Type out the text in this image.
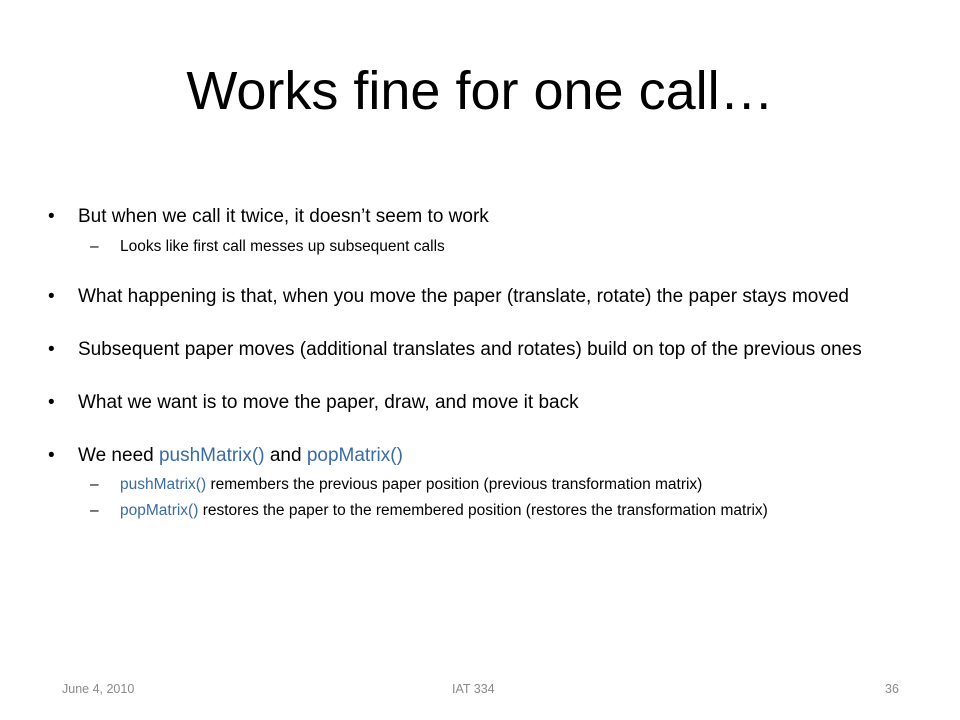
Works fine for one call…
•	But when we call it twice, it doesn’t seem to work
– Looks like first call messes up subsequent calls
•	What happening is that, when you move the paper (translate, rotate) the paper stays moved
•	Subsequent paper moves (additional translates and rotates) build on top of the previous ones
•	What we want is to move the paper, draw, and move it back
•	We need pushMatrix() and popMatrix()
– pushMatrix() remembers the previous paper position (previous transformation matrix)
– popMatrix() restores the paper to the remembered position (restores the transformation matrix)
June 4, 2010	IAT 334	36
